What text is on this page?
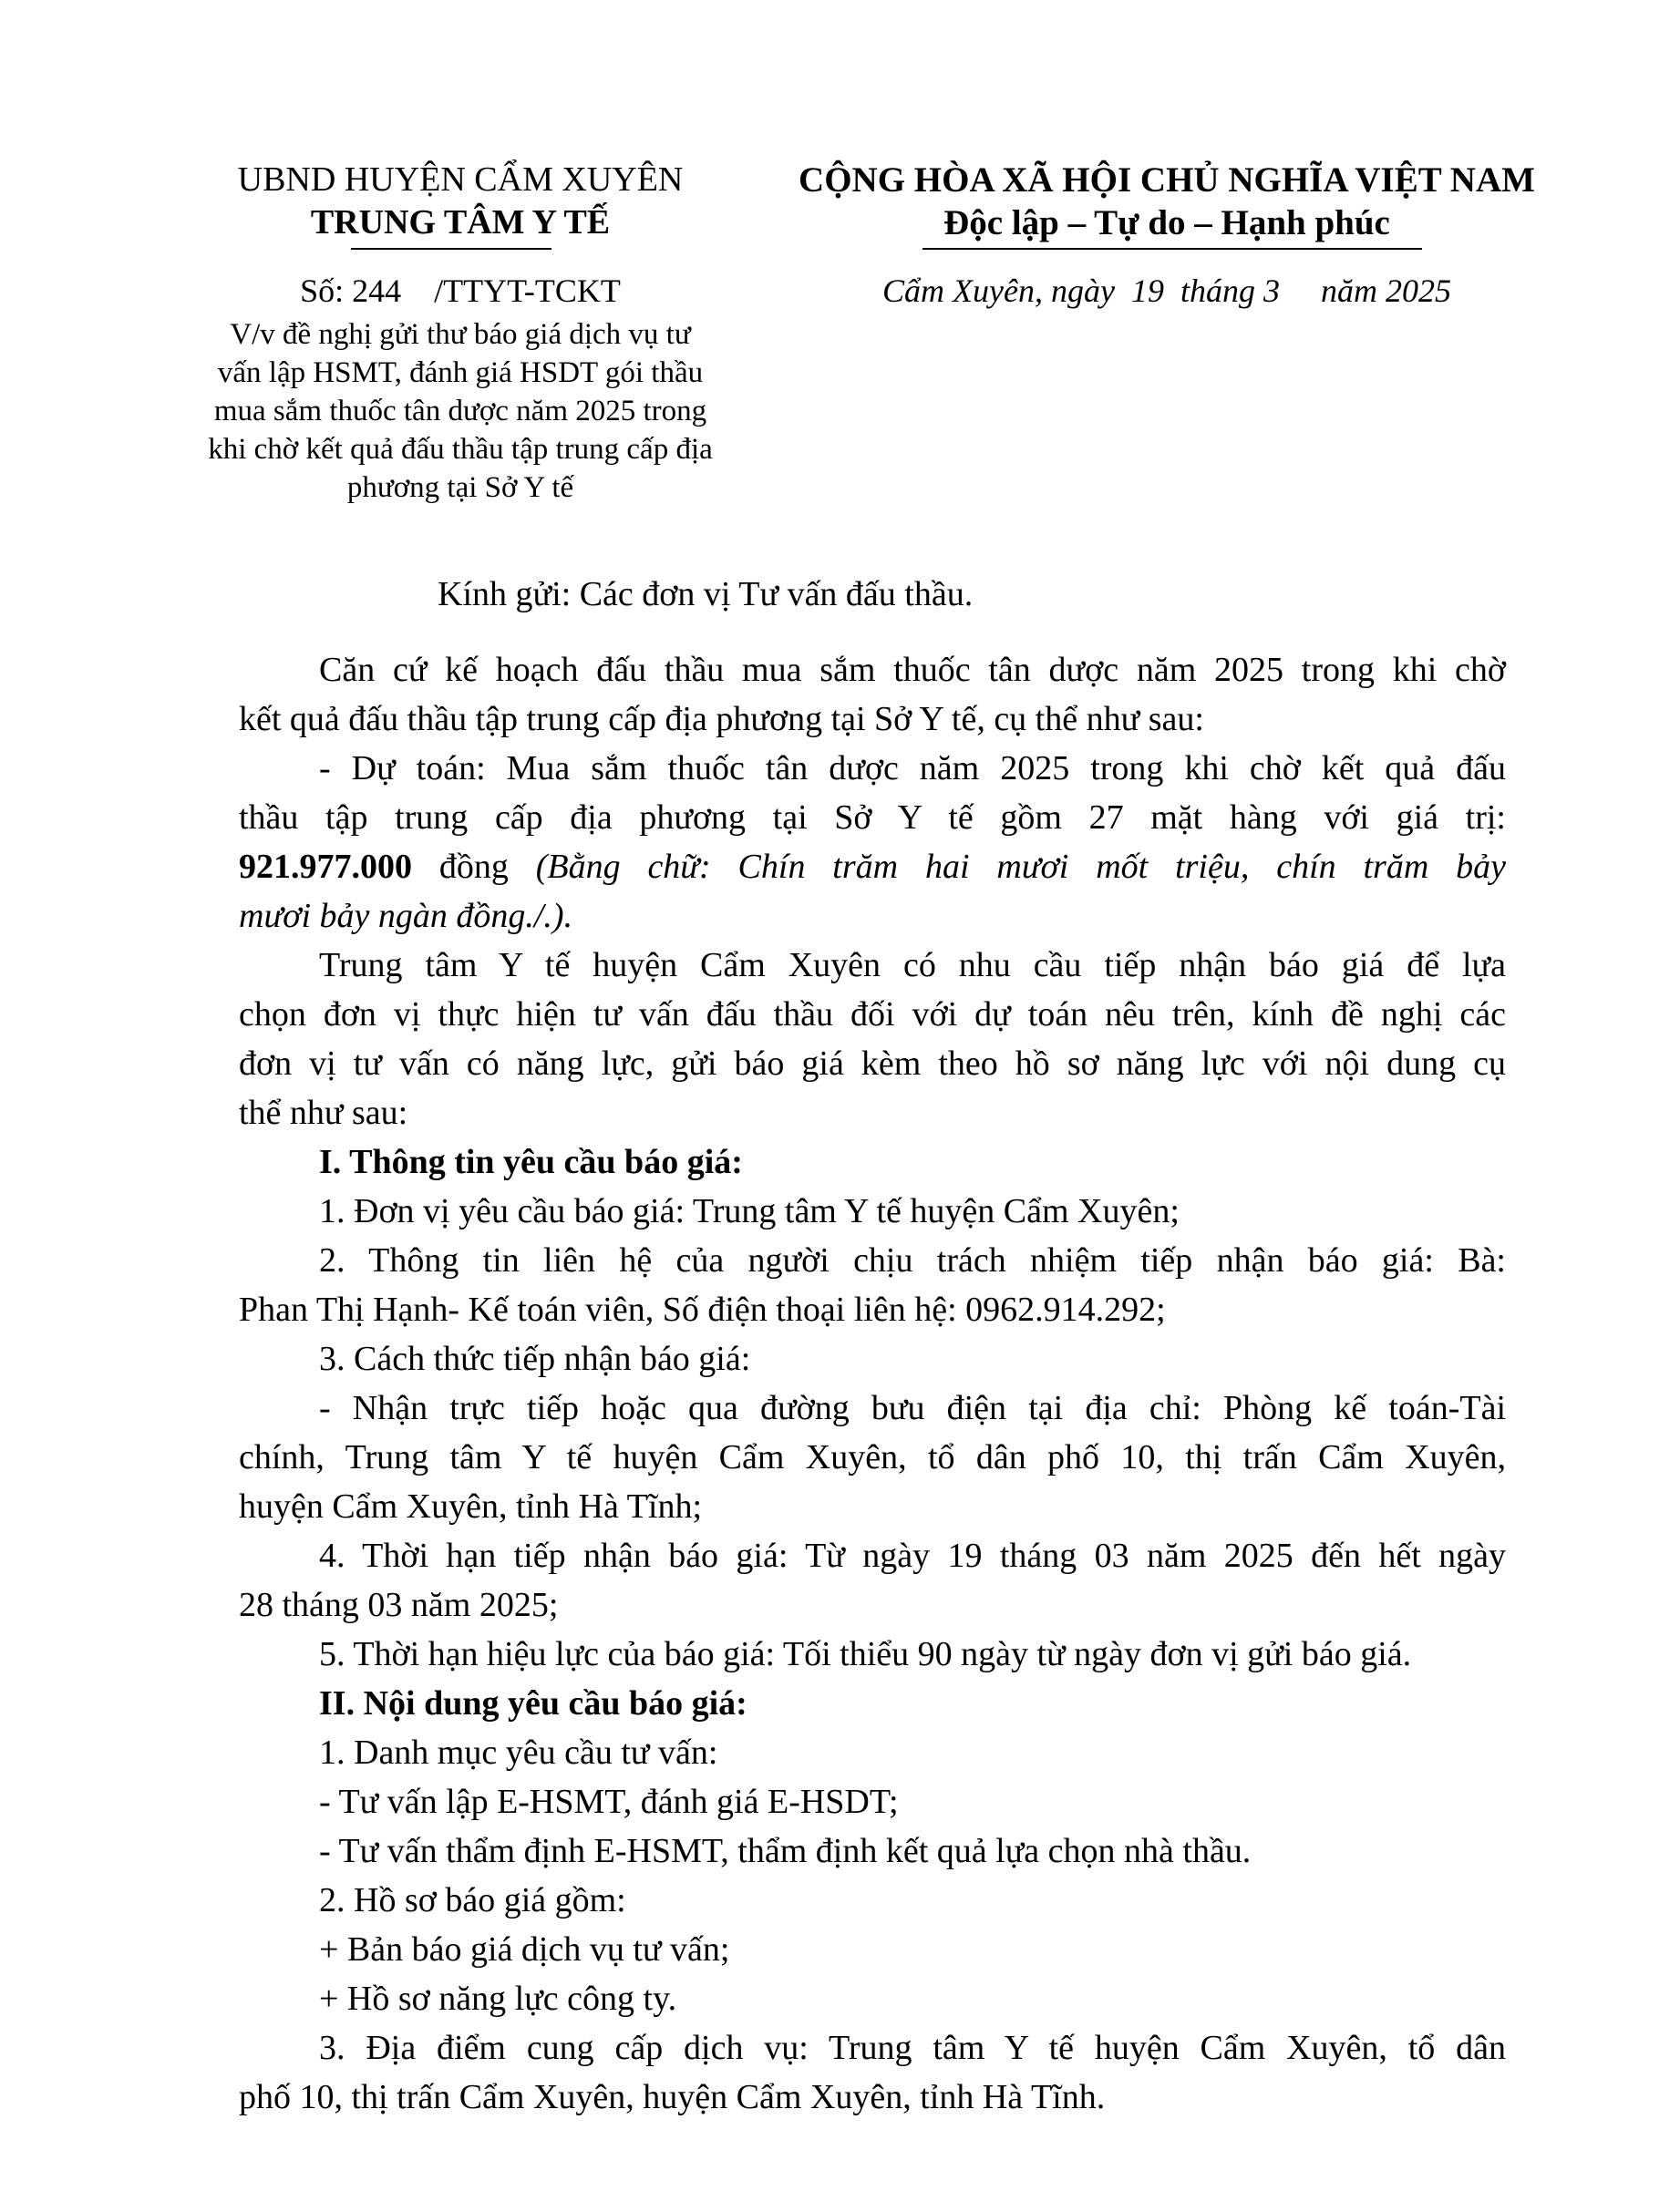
UBND HUYỆN CẨM XUYÊN
TRUNG TÂM Y TẾ
CỘNG HÒA XÃ HỘI CHỦ NGHĨA VIỆT NAM
Độc lập – Tự do – Hạnh phúc
Số: 244    /TTYT-TCKT	Cẩm Xuyên, ngày  19  tháng 3     năm 2025
V/v đề nghị gửi thư báo giá dịch vụ tư
vấn lập HSMT, đánh giá HSDT gói thầu
mua sắm thuốc tân dược năm 2025 trong
khi chờ kết quả đấu thầu tập trung cấp địa
phương tại Sở Y tế
Kính gửi: Các đơn vị Tư vấn đấu thầu.
Căn cứ kế hoạch đấu thầu mua sắm thuốc tân dược năm 2025 trong khi chờ
kết quả đấu thầu tập trung cấp địa phương tại Sở Y tế, cụ thể như sau:
- Dự toán: Mua sắm thuốc tân dược năm 2025 trong khi chờ kết quả đấu
thầu tập trung cấp địa phương tại Sở Y tế gồm 27 mặt hàng với giá trị:
921.977.000 đồng (Bằng chữ: Chín trăm hai mươi mốt triệu, chín trăm bảy
mươi bảy ngàn đồng./.).
Trung tâm Y tế huyện Cẩm Xuyên có nhu cầu tiếp nhận báo giá để lựa
chọn đơn vị thực hiện tư vấn đấu thầu đối với dự toán nêu trên, kính đề nghị các
đơn vị tư vấn có năng lực, gửi báo giá kèm theo hồ sơ năng lực với nội dung cụ
thể như sau:
I. Thông tin yêu cầu báo giá:
1. Đơn vị yêu cầu báo giá: Trung tâm Y tế huyện Cẩm Xuyên;
2. Thông tin liên hệ của người chịu trách nhiệm tiếp nhận báo giá: Bà:
Phan Thị Hạnh- Kế toán viên, Số điện thoại liên hệ: 0962.914.292;
3. Cách thức tiếp nhận báo giá:
- Nhận trực tiếp hoặc qua đường bưu điện tại địa chỉ: Phòng kế toán-Tài
chính, Trung tâm Y tế huyện Cẩm Xuyên, tổ dân phố 10, thị trấn Cẩm Xuyên,
huyện Cẩm Xuyên, tỉnh Hà Tĩnh;
4. Thời hạn tiếp nhận báo giá: Từ ngày 19 tháng 03 năm 2025 đến hết ngày
28 tháng 03 năm 2025;
5. Thời hạn hiệu lực của báo giá: Tối thiểu 90 ngày từ ngày đơn vị gửi báo giá.
II. Nội dung yêu cầu báo giá:
1. Danh mục yêu cầu tư vấn:
- Tư vấn lập E-HSMT, đánh giá E-HSDT;
- Tư vấn thẩm định E-HSMT, thẩm định kết quả lựa chọn nhà thầu.
2. Hồ sơ báo giá gồm:
+ Bản báo giá dịch vụ tư vấn;
+ Hồ sơ năng lực công ty.
3. Địa điểm cung cấp dịch vụ: Trung tâm Y tế huyện Cẩm Xuyên, tổ dân
phố 10, thị trấn Cẩm Xuyên, huyện Cẩm Xuyên, tỉnh Hà Tĩnh.
